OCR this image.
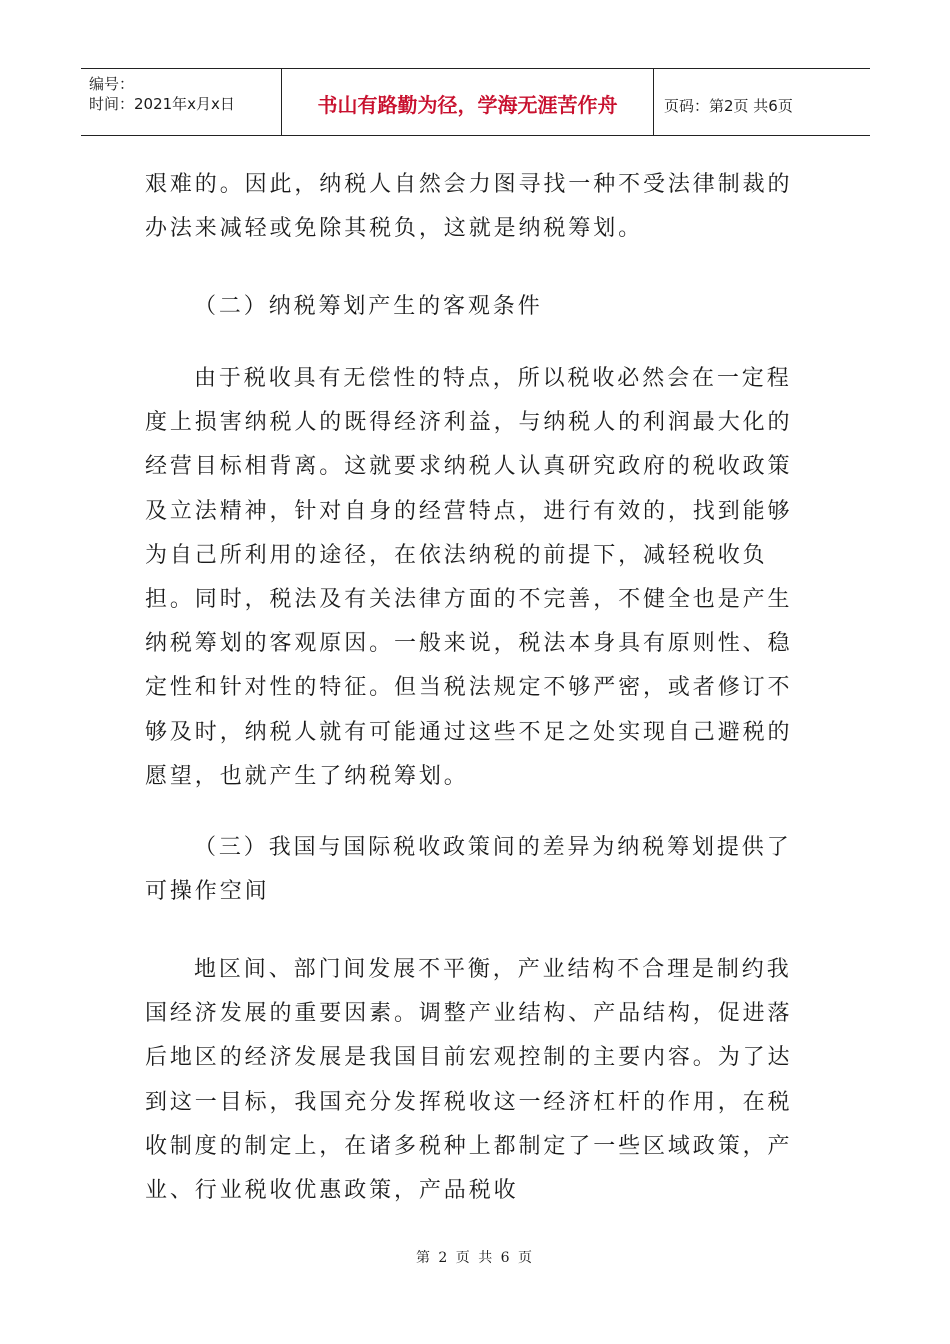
编号：
时间：2021年x月x日	书山有路勤为径，学海无涯苦作舟	页码：第2页 共6页

艰难的。因此，纳税人自然会力图寻找一种不受法律制裁的办法来减轻或免除其税负，这就是纳税筹划。

（二）纳税筹划产生的客观条件

由于税收具有无偿性的特点，所以税收必然会在一定程度上损害纳税人的既得经济利益，与纳税人的利润最大化的经营目标相背离。这就要求纳税人认真研究政府的税收政策及立法精神，针对自身的经营特点，进行有效的，找到能够为自己所利用的途径，在依法纳税的前提下，减轻税收负担。同时，税法及有关法律方面的不完善，不健全也是产生纳税筹划的客观原因。一般来说，税法本身具有原则性、稳定性和针对性的特征。但当税法规定不够严密，或者修订不够及时，纳税人就有可能通过这些不足之处实现自己避税的愿望，也就产生了纳税筹划。

（三）我国与国际税收政策间的差异为纳税筹划提供了可操作空间

地区间、部门间发展不平衡，产业结构不合理是制约我国经济发展的重要因素。调整产业结构、产品结构，促进落后地区的经济发展是我国目前宏观控制的主要内容。为了达到这一目标，我国充分发挥税收这一经济杠杆的作用，在税收制度的制定上，在诸多税种上都制定了一些区域政策，产业、行业税收优惠政策，产品税收

第 2 页 共 6 页
